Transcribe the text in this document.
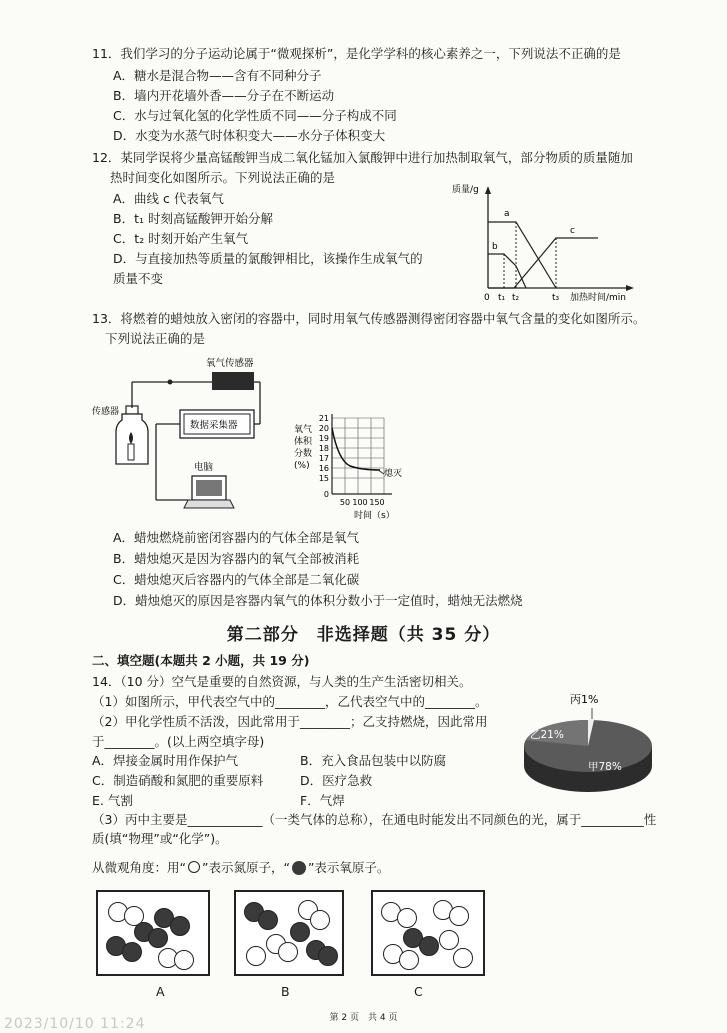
11．我们学习的分子运动论属于“微观探析”，是化学学科的核心素养之一，下列说法不正确的是
A．糖水是混合物——含有不同种分子
B．墙内开花墙外香——分子在不断运动
C．水与过氧化氢的化学性质不同——分子构成不同
D．水变为水蒸气时体积变大——水分子体积变大
12．某同学误将少量高锰酸钾当成二氧化锰加入氯酸钾中进行加热制取氧气，部分物质的质量随加
热时间变化如图所示。下列说法正确的是
A．曲线 c 代表氧气
B．t₁ 时刻高锰酸钾开始分解
C．t₂ 时刻开始产生氧气
D．与直接加热等质量的氯酸钾相比，该操作生成氧气的
质量不变
质量/g
a
b
c
0 t₁ t₂	t₃ 加热时间/min
13．将燃着的蜡烛放入密闭的容器中，同时用氧气传感器测得密闭容器中氧气含量的变化如图所示。
下列说法正确的是
氧气传感器
传感器
数据采集器
电脑
氧气
体积
分数
(%)
熄灭
21
20
19
18
17
16
15
0
50 100 150
时间（s）
A．蜡烛燃烧前密闭容器内的气体全部是氧气
B．蜡烛熄灭是因为容器内的氧气全部被消耗
C．蜡烛熄灭后容器内的气体全部是二氧化碳
D．蜡烛熄灭的原因是容器内氧气的体积分数小于一定值时，蜡烛无法燃烧
第二部分　非选择题（共 35 分）
二、填空题(本题共 2 小题，共 19 分)
14．（10 分）空气是重要的自然资源，与人类的生产生活密切相关。
（1）如图所示，甲代表空气中的________，乙代表空气中的________。
（2）甲化学性质不活泼，因此常用于________；乙支持燃烧，因此常用
于________。(以上两空填字母)
A．焊接金属时用作保护气	B．充入食品包装中以防腐
C．制造硝酸和氮肥的重要原料	D．医疗急救
E. 气割	F．气焊
（3）丙中主要是____________（一类气体的总称），在通电时能发出不同颜色的光，属于__________性
质(填“物理”或“化学”)。
丙1%
乙21%
甲78%
从微观角度：用“ ”表示氮原子，“ ”表示氧原子。
A	B	C
第 2 页　共 4 页
2023/10/10 11:24
